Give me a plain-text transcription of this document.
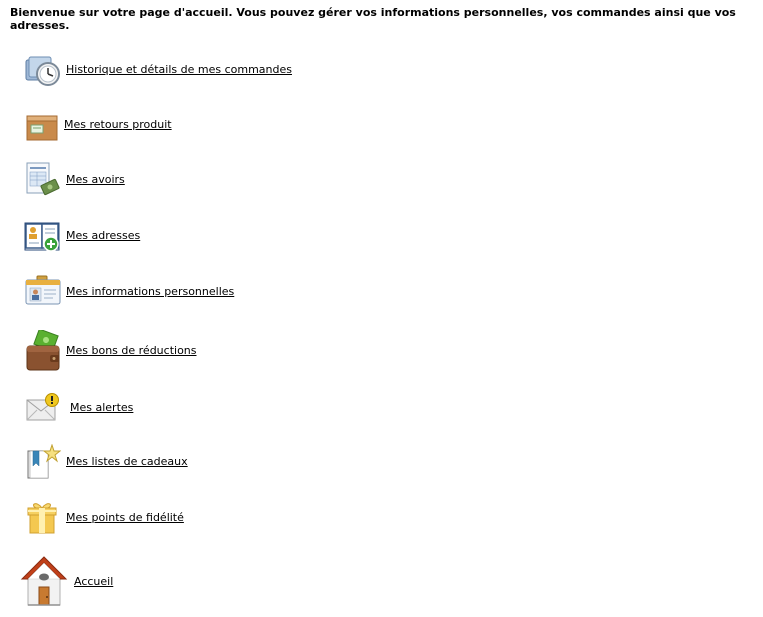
Bienvenue sur votre page d'accueil. Vous pouvez gérer vos informations personnelles, vos commandes ainsi que vos adresses.

Historique et détails de mes commandes
Mes retours produit
Mes avoirs
Mes adresses
Mes informations personnelles
Mes bons de réductions
Mes alertes
Mes listes de cadeaux
Mes points de fidélité
Accueil
